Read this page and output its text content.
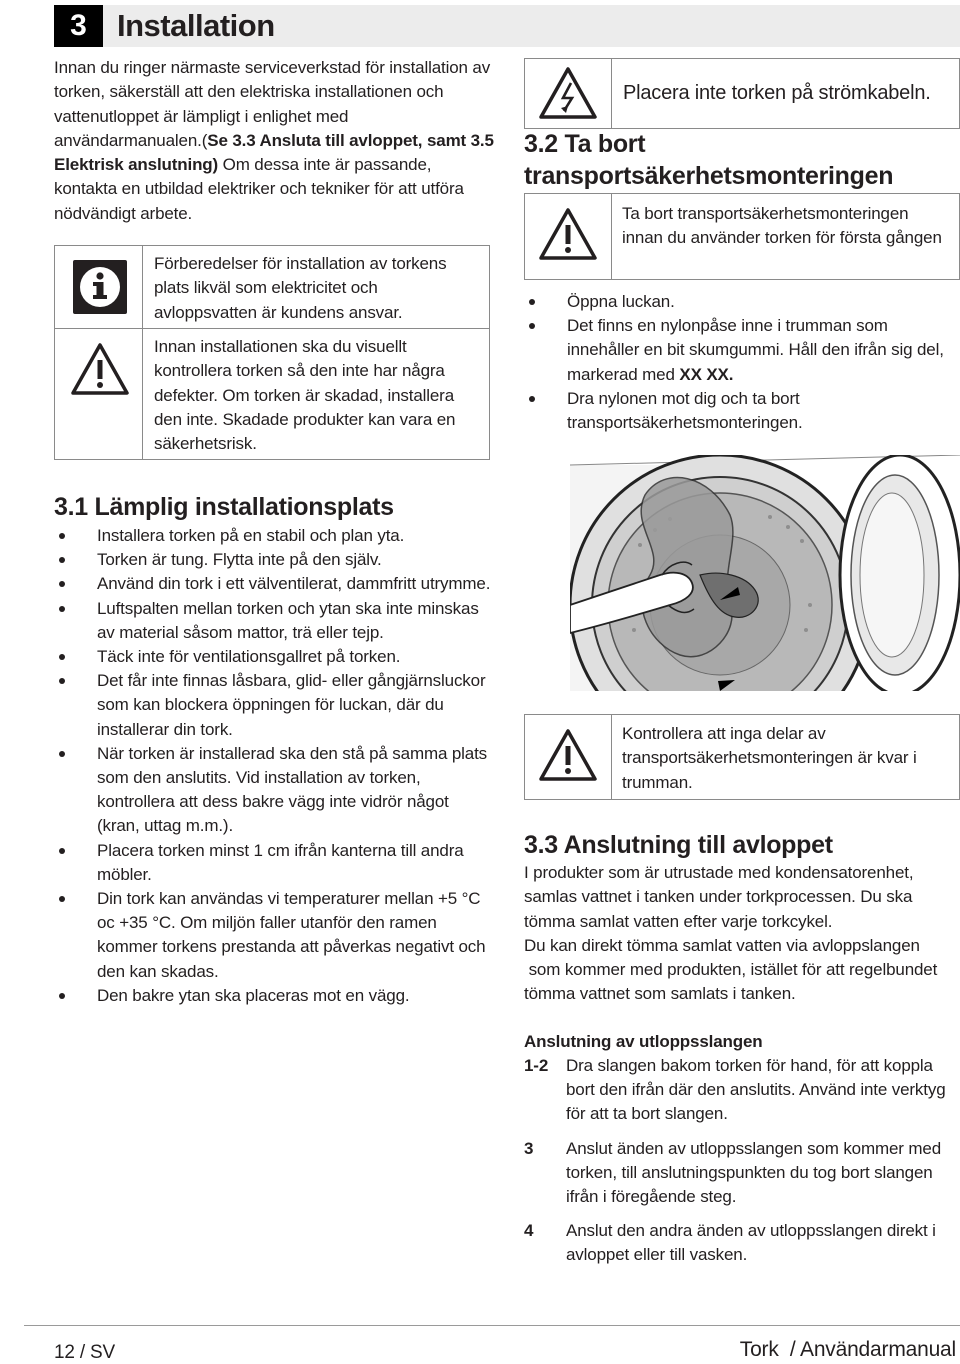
3 Installation
Innan du ringer närmaste serviceverkstad för installation av torken, säkerställ att den elektriska installationen och vattenutloppet är lämpligt i enlighet med användarmanualen.(Se 3.3 Ansluta till avloppet, samt 3.5 Elektrisk anslutning) Om dessa inte är passande, kontakta en utbildad elektriker och tekniker för att utföra nödvändigt arbete.
Förberedelser för installation av torkens plats likväl som elektricitet och avloppsvatten är kundens ansvar.
Innan installationen ska du visuellt kontrollera torken så den inte har några defekter. Om torken är skadad, installera den inte. Skadade produkter kan vara en säkerhetsrisk.
3.1 Lämplig installationsplats
Installera torken på en stabil och plan yta.
Torken är tung. Flytta inte på den själv.
Använd din tork i ett välventilerat, dammfritt utrymme.
Luftspalten mellan torken och ytan ska inte minskas av material såsom mattor, trä eller tejp.
Täck inte för ventilationsgallret på torken.
Det får inte finnas låsbara, glid- eller gångjärnsluckor som kan blockera öppningen för luckan, där du installerar din tork.
När torken är installerad ska den stå på samma plats som den anslutits. Vid installation av torken, kontrollera att dess bakre vägg inte vidrör något (kran, uttag m.m.).
Placera torken minst 1 cm ifrån kanterna till andra möbler.
Din tork kan användas vi temperaturer mellan +5 °C oc +35 °C. Om miljön faller utanför den ramen kommer torkens prestanda att påverkas negativt och den kan skadas.
Den bakre ytan ska placeras mot en vägg.
Placera inte torken på strömkabeln.
3.2 Ta bort transportsäkerhetsmonteringen
Ta bort transportsäkerhetsmonteringen innan du använder torken för första gången
Öppna luckan.
Det finns en nylonpåse inne i trumman som innehåller en bit skumgummi. Håll den ifrån sig del, markerad med XX XX.
Dra nylonen mot dig och ta bort transportsäkerhetsmonteringen.
Kontrollera att inga delar av transportsäkerhetsmonteringen är kvar i trumman.
3.3 Anslutning till avloppet
I produkter som är utrustade med kondensatorenhet, samlas vattnet i tanken under torkprocessen. Du ska tömma samlat vatten efter varje torkcykel.
Du kan direkt tömma samlat vatten via avloppslangen
som kommer med produkten, istället för att regelbundet tömma vattnet som samlats i tanken.
Anslutning av utloppsslangen
1-2 Dra slangen bakom torken för hand, för att koppla bort den ifrån där den anslutits. Använd inte verktyg för att ta bort slangen.
3 Anslut änden av utloppsslangen som kommer med torken, till anslutningspunkten du tog bort slangen ifrån i föregående steg.
4 Anslut den andra änden av utloppsslangen direkt i avloppet eller till vasken.
12 / SV	Tork  / Användarmanual
